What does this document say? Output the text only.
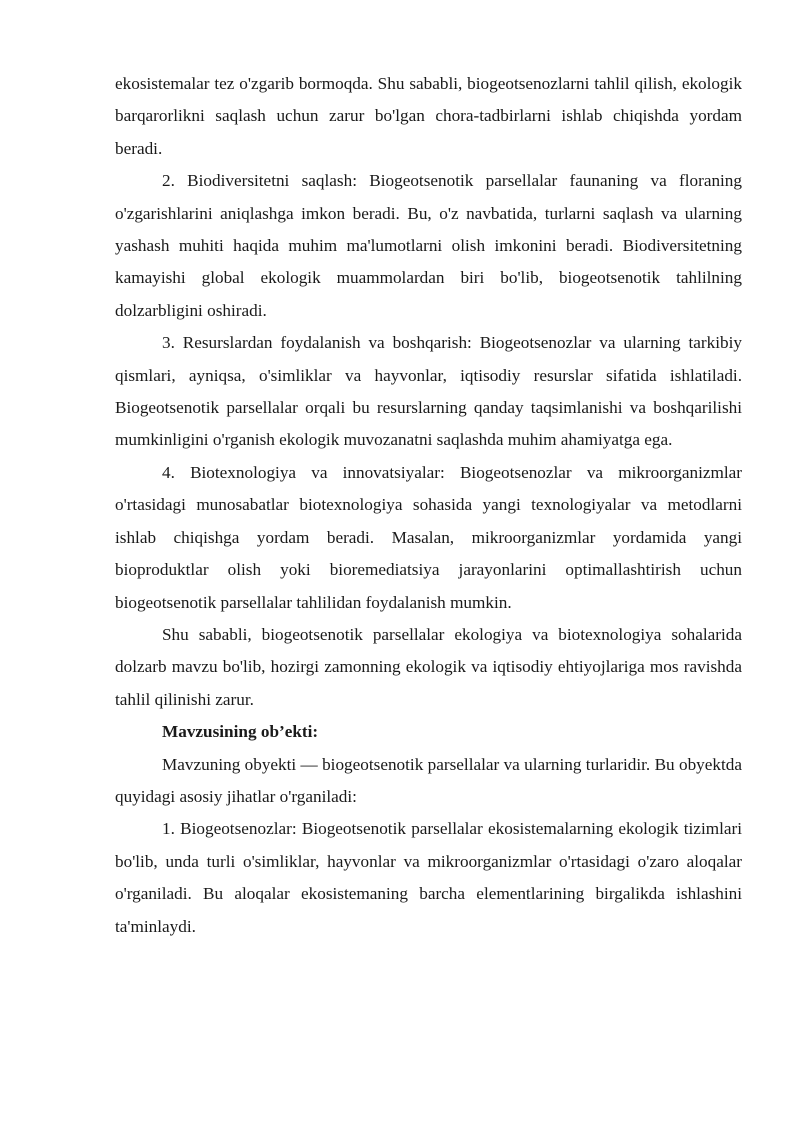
ekosistemalar tez o'zgarib bormoqda. Shu sababli, biogeotsenozlarni tahlil qilish, ekologik barqarorlikni saqlash uchun zarur bo'lgan chora-tadbirlarni ishlab chiqishda yordam beradi.

2. Biodiversitetni saqlash: Biogeotsenotik parsellalar faunaning va floraning o'zgarishlarini aniqlashga imkon beradi. Bu, o'z navbatida, turlarni saqlash va ularning yashash muhiti haqida muhim ma'lumotlarni olish imkonini beradi. Biodiversitetning kamayishi global ekologik muammolardan biri bo'lib, biogeotsenotik tahlilning dolzarbligini oshiradi.

3. Resurslardan foydalanish va boshqarish: Biogeotsenozlar va ularning tarkibiy qismlari, ayniqsa, o'simliklar va hayvonlar, iqtisodiy resurslar sifatida ishlatiladi. Biogeotsenotik parsellalar orqali bu resurslarning qanday taqsimlanishi va boshqarilishi mumkinligini o'rganish ekologik muvozanatni saqlashda muhim ahamiyatga ega.

4. Biotexnologiya va innovatsiyalar: Biogeotsenozlar va mikroorganizmlar o'rtasidagi munosabatlar biotexnologiya sohasida yangi texnologiyalar va metodlarni ishlab chiqishga yordam beradi. Masalan, mikroorganizmlar yordamida yangi bioproduktlar olish yoki bioremediatsiya jarayonlarini optimallashtirish uchun biogeotsenotik parsellalar tahlilidan foydalanish mumkin.

Shu sababli, biogeotsenotik parsellalar ekologiya va biotexnologiya sohalarida dolzarb mavzu bo'lib, hozirgi zamonning ekologik va iqtisodiy ehtiyojlariga mos ravishda tahlil qilinishi zarur.

Mavzusining ob’ekti:

Mavzuning obyekti — biogeotsenotik parsellalar va ularning turlaridir. Bu obyektda quyidagi asosiy jihatlar o'rganiladi:

1. Biogeotsenozlar: Biogeotsenotik parsellalar ekosistemalarning ekologik tizimlari bo'lib, unda turli o'simliklar, hayvonlar va mikroorganizmlar o'rtasidagi o'zaro aloqalar o'rganiladi. Bu aloqalar ekosistemaning barcha elementlarining birgalikda ishlashini ta'minlaydi.
